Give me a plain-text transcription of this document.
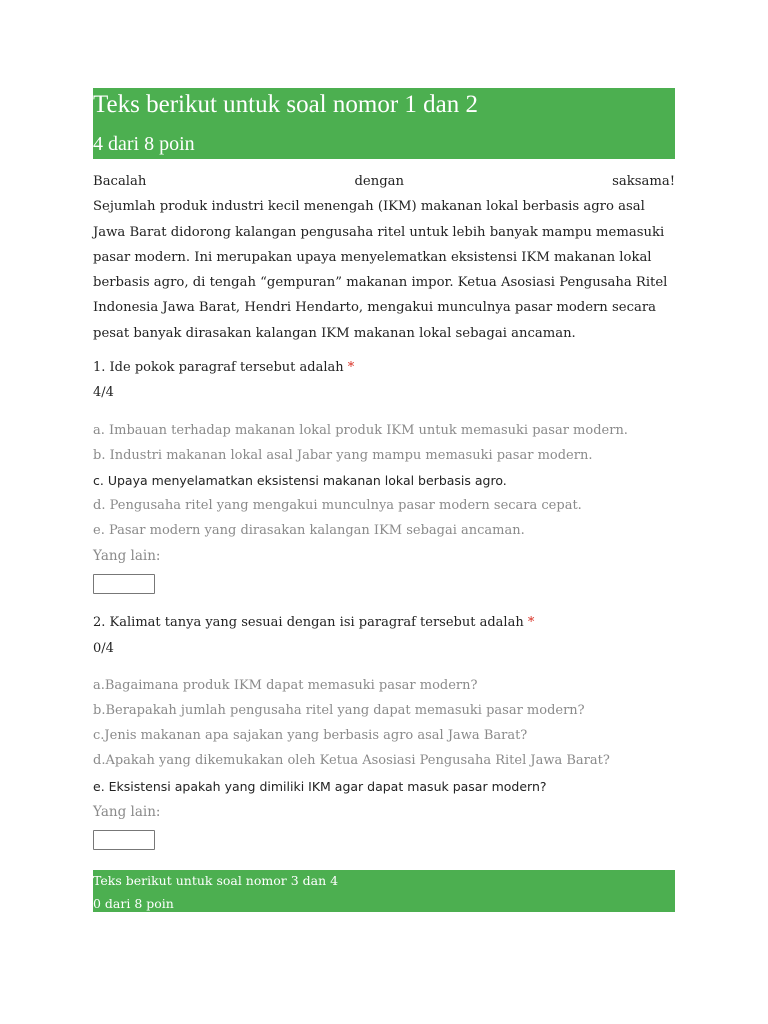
Teks berikut untuk soal nomor 1 dan 2
4 dari 8 poin
Bacalah	dengan	saksama!
Sejumlah produk industri kecil menengah (IKM) makanan lokal berbasis agro asal
Jawa Barat didorong kalangan pengusaha ritel untuk lebih banyak mampu memasuki
pasar modern. Ini merupakan upaya menyelematkan eksistensi IKM makanan lokal
berbasis agro, di tengah “gempuran” makanan impor. Ketua Asosiasi Pengusaha Ritel
Indonesia Jawa Barat, Hendri Hendarto, mengakui munculnya pasar modern secara
pesat banyak dirasakan kalangan IKM makanan lokal sebagai ancaman.
1. Ide pokok paragraf tersebut adalah *
4/4
a. Imbauan terhadap makanan lokal produk IKM untuk memasuki pasar modern.
b. Industri makanan lokal asal Jabar yang mampu memasuki pasar modern.
c. Upaya menyelamatkan eksistensi makanan lokal berbasis agro.
d. Pengusaha ritel yang mengakui munculnya pasar modern secara cepat.
e. Pasar modern yang dirasakan kalangan IKM sebagai ancaman.
Yang lain:
2. Kalimat tanya yang sesuai dengan isi paragraf tersebut adalah *
0/4
a.Bagaimana produk IKM dapat memasuki pasar modern?
b.Berapakah jumlah pengusaha ritel yang dapat memasuki pasar modern?
c.Jenis makanan apa sajakan yang berbasis agro asal Jawa Barat?
d.Apakah yang dikemukakan oleh Ketua Asosiasi Pengusaha Ritel Jawa Barat?
e. Eksistensi apakah yang dimiliki IKM agar dapat masuk pasar modern?
Yang lain:
Teks berikut untuk soal nomor 3 dan 4
0 dari 8 poin
